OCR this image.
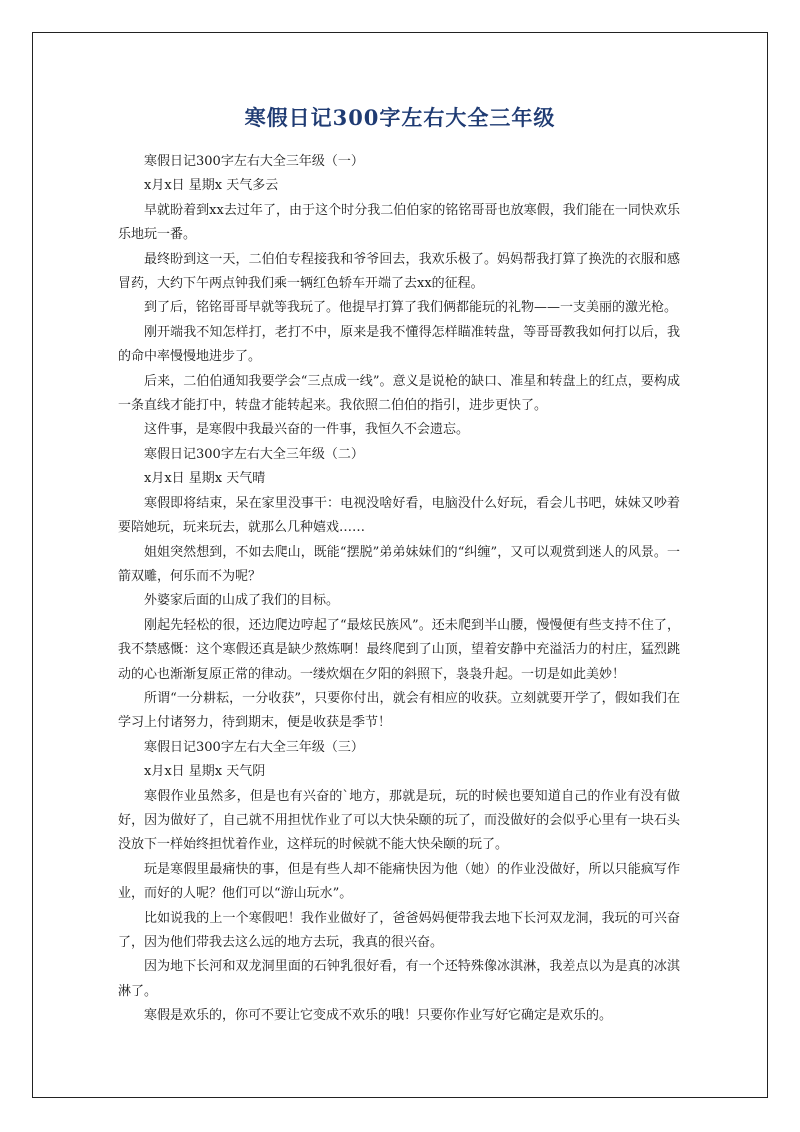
寒假日记300字左右大全三年级

寒假日记300字左右大全三年级（一）

x月x日 星期x 天气多云

早就盼着到xx去过年了，由于这个时分我二伯伯家的铭铭哥哥也放寒假，我们能在一同快欢乐乐地玩一番。

最终盼到这一天，二伯伯专程接我和爷爷回去，我欢乐极了。妈妈帮我打算了换洗的衣服和感冒药，大约下午两点钟我们乘一辆红色轿车开端了去xx的征程。

到了后，铭铭哥哥早就等我玩了。他提早打算了我们俩都能玩的礼物——一支美丽的激光枪。

刚开端我不知怎样打，老打不中，原来是我不懂得怎样瞄准转盘，等哥哥教我如何打以后，我的命中率慢慢地进步了。

后来，二伯伯通知我要学会“三点成一线”。意义是说枪的缺口、准星和转盘上的红点，要构成一条直线才能打中，转盘才能转起来。我依照二伯伯的指引，进步更快了。

这件事，是寒假中我最兴奋的一件事，我恒久不会遗忘。

寒假日记300字左右大全三年级（二）

x月x日 星期x 天气晴

寒假即将结束，呆在家里没事干：电视没啥好看，电脑没什么好玩，看会儿书吧，妹妹又吵着要陪她玩，玩来玩去，就那么几种嬉戏……

姐姐突然想到，不如去爬山，既能“摆脱”弟弟妹妹们的“纠缠”，又可以观赏到迷人的风景。一箭双雕，何乐而不为呢？

外婆家后面的山成了我们的目标。

刚起先轻松的很，还边爬边哼起了“最炫民族风”。还未爬到半山腰，慢慢便有些支持不住了，我不禁感慨：这个寒假还真是缺少熬炼啊！最终爬到了山顶，望着安静中充溢活力的村庄，猛烈跳动的心也渐渐复原正常的律动。一缕炊烟在夕阳的斜照下，袅袅升起。一切是如此美妙！

所谓“一分耕耘，一分收获”，只要你付出，就会有相应的收获。立刻就要开学了，假如我们在学习上付诸努力，待到期末，便是收获是季节！

寒假日记300字左右大全三年级（三）

x月x日 星期x 天气阴

寒假作业虽然多，但是也有兴奋的`地方，那就是玩，玩的时候也要知道自己的作业有没有做好，因为做好了，自己就不用担忧作业了可以大快朵颐的玩了，而没做好的会似乎心里有一块石头没放下一样始终担忧着作业，这样玩的时候就不能大快朵颐的玩了。

玩是寒假里最痛快的事，但是有些人却不能痛快因为他（她）的作业没做好，所以只能疯写作业，而好的人呢？他们可以“游山玩水”。

比如说我的上一个寒假吧！我作业做好了，爸爸妈妈便带我去地下长河双龙洞，我玩的可兴奋了，因为他们带我去这么远的地方去玩，我真的很兴奋。

因为地下长河和双龙洞里面的石钟乳很好看，有一个还特殊像冰淇淋，我差点以为是真的冰淇淋了。

寒假是欢乐的，你可不要让它变成不欢乐的哦！只要你作业写好它确定是欢乐的。
